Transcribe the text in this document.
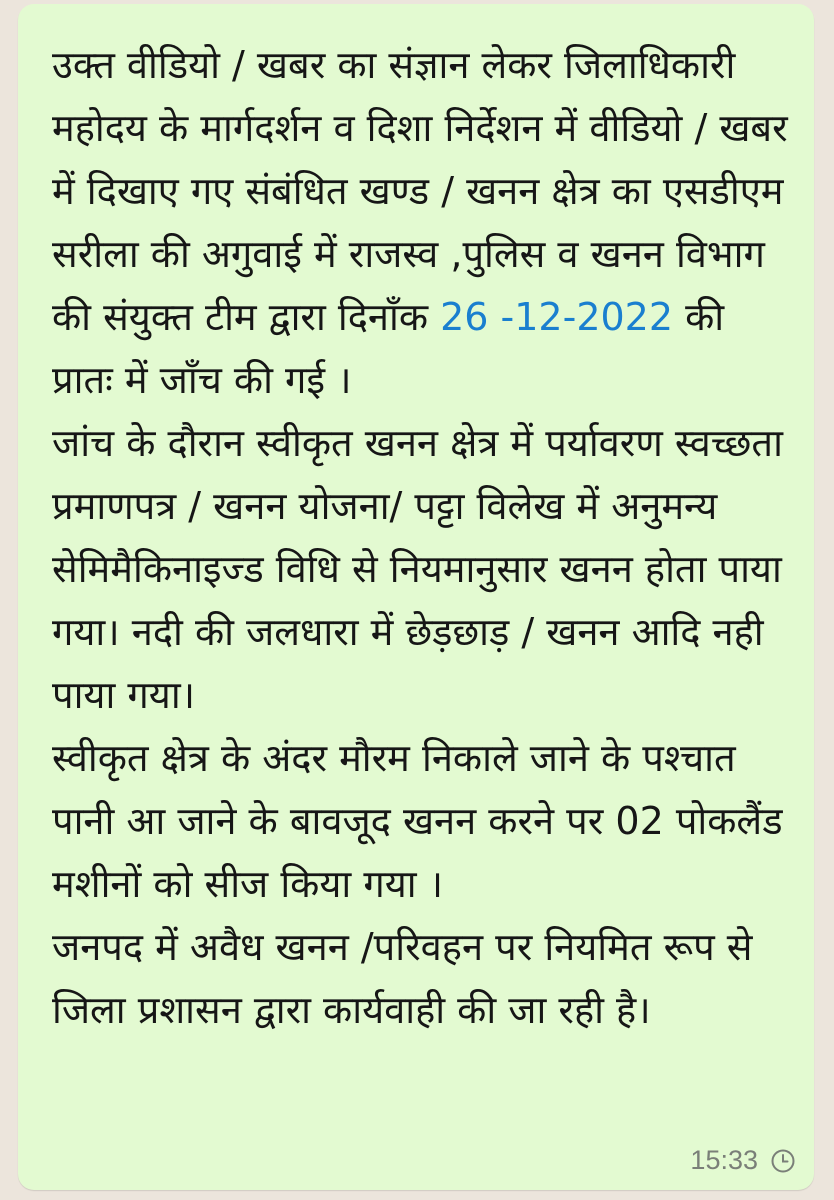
उक्त वीडियो / खबर का संज्ञान लेकर जिलाधिकारी महोदय के मार्गदर्शन व दिशा निर्देशन में वीडियो / खबर में दिखाए गए संबंधित खण्ड / खनन क्षेत्र का एसडीएम सरीला की अगुवाई में राजस्व ,पुलिस व खनन विभाग की संयुक्त टीम द्वारा दिनाँक 26 -12-2022 की प्रातः में जाँच की गई ।
जांच के दौरान स्वीकृत खनन क्षेत्र में पर्यावरण स्वच्छता प्रमाणपत्र / खनन योजना/ पट्टा विलेख में अनुमन्य सेमिमैकिनाइज्ड विधि से नियमानुसार खनन होता पाया गया। नदी की जलधारा में छेड़छाड़ / खनन आदि नही पाया गया।
स्वीकृत क्षेत्र के अंदर मौरम निकाले जाने के पश्चात पानी आ जाने के बावजूद खनन करने पर 02 पोकलैंड मशीनों को सीज किया गया ।
जनपद में अवैध खनन /परिवहन पर नियमित रूप से जिला प्रशासन द्वारा कार्यवाही की जा रही है।

15:33
